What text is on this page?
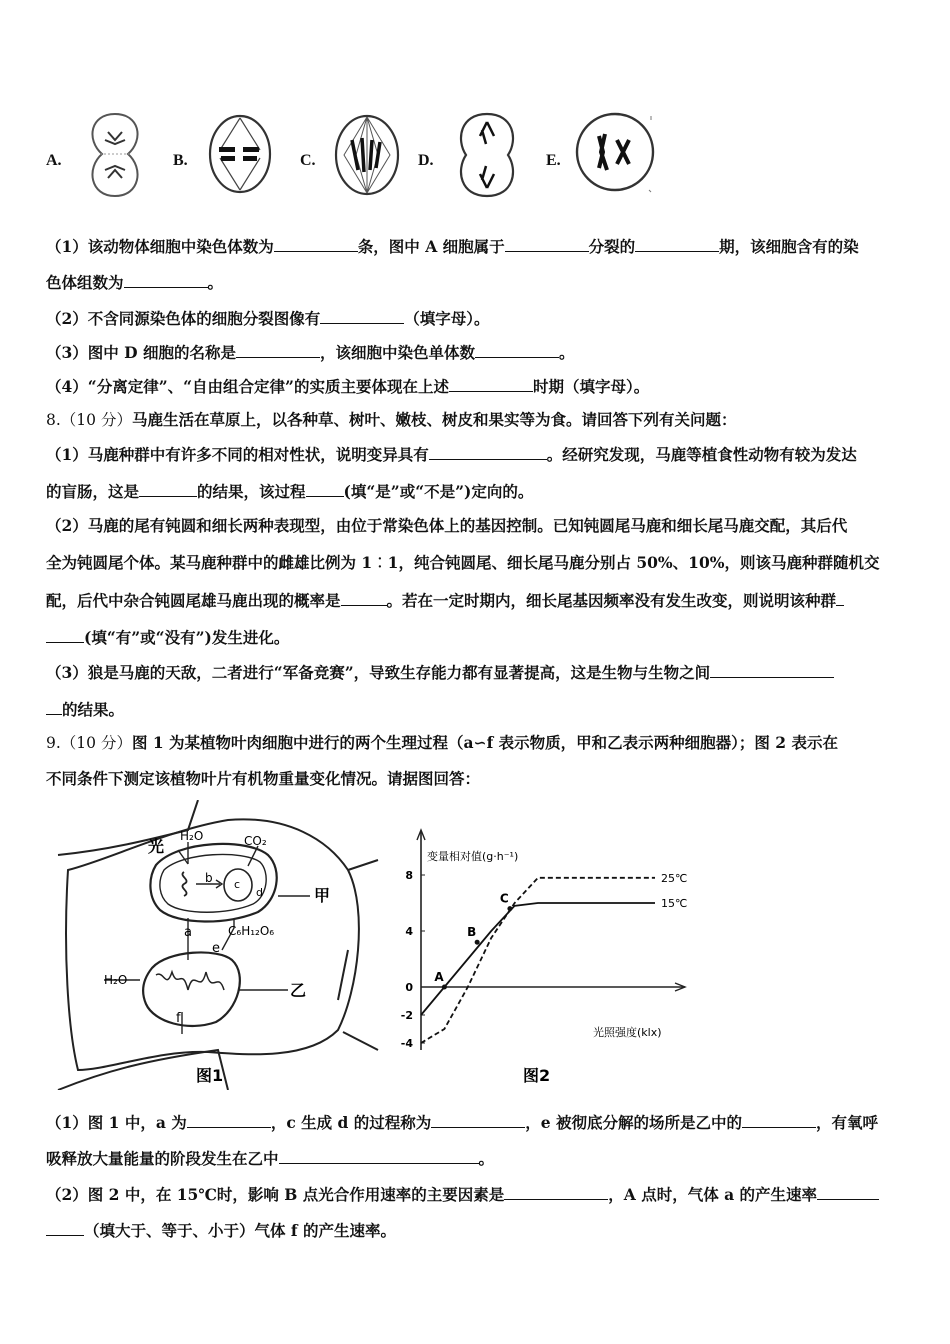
A.	B.	C.	D.	E.
（1）该动物体细胞中染色体数为	条，图中 A 细胞属于	分裂的	期，该细胞含有的染
色体组数为	。
（2）不含同源染色体的细胞分裂图像有	（填字母）。
（3）图中 D 细胞的名称是	，该细胞中染色单体数	。
（4）“分离定律”、“自由组合定律”的实质主要体现在上述	时期（填字母）。
8.（10 分）马鹿生活在草原上，以各种草、树叶、嫩枝、树皮和果实等为食。请回答下列有关问题：
（1）马鹿种群中有许多不同的相对性状，说明变异具有	。经研究发现，马鹿等植食性动物有较为发达
的盲肠，这是	的结果，该过程 (填“是”或“不是”)定向的。
（2）马鹿的尾有钝圆和细长两种表现型，由位于常染色体上的基因控制。已知钝圆尾马鹿和细长尾马鹿交配，其后代
全为钝圆尾个体。某马鹿种群中的雌雄比例为 1︰1，纯合钝圆尾、细长尾马鹿分别占 50%、10%，则该马鹿种群随机交
配，后代中杂合钝圆尾雄马鹿出现的概率是	。若在一定时期内，细长尾基因频率没有发生改变，则说明该种群
(填“有”或“没有”)发生进化。
（3）狼是马鹿的天敌，二者进行“军备竞赛”，导致生存能力都有显著提高，这是生物与生物之间
的结果。
9.（10 分）图 1 为某植物叶肉细胞中进行的两个生理过程（a∽f 表示物质，甲和乙表示两种细胞器）；图 2 表示在
不同条件下测定该植物叶片有机物重量变化情况。请据图回答：
光
H₂O	CO₂
b c
d	甲
a	C₆H₁₂O₆
e
f
H₂O
乙
图1
变量相对值(g·h⁻¹)
光照强度(klx)
图2
-4
-2
0
4
8	25℃
15℃
A
B
C
（1）图 1 中，a 为	，c 生成 d 的过程称为	，e 被彻底分解的场所是乙中的	，有氧呼
吸释放大量能量的阶段发生在乙中	。
（2）图 2 中，在 15℃时，影响 B 点光合作用速率的主要因素是	，A 点时，气体 a 的产生速率
（填大于、等于、小于）气体 f 的产生速率。
